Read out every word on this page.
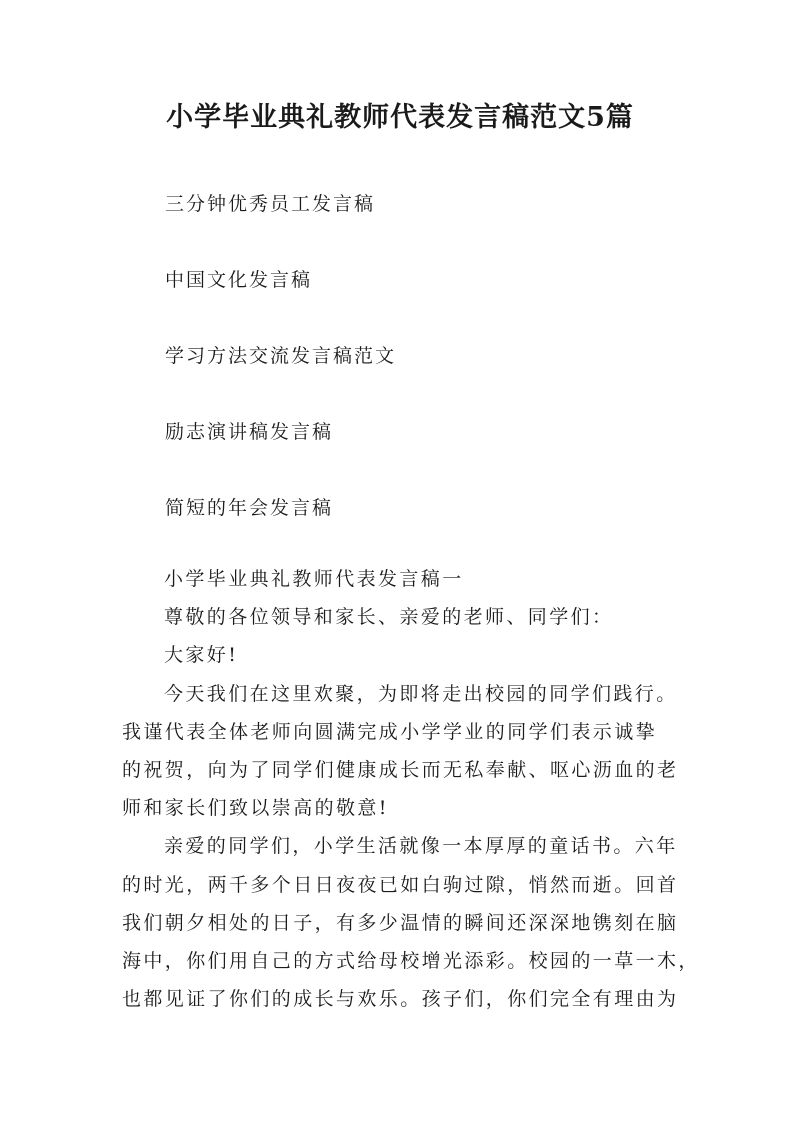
小学毕业典礼教师代表发言稿范文5篇
三分钟优秀员工发言稿
中国文化发言稿
学习方法交流发言稿范文
励志演讲稿发言稿
简短的年会发言稿

小学毕业典礼教师代表发言稿一

尊敬的各位领导和家长、亲爱的老师、同学们：

大家好!

今天我们在这里欢聚，为即将走出校园的同学们践行。
我谨代表全体老师向圆满完成小学学业的同学们表示诚挚
的祝贺，向为了同学们健康成长而无私奉献、呕心沥血的老
师和家长们致以崇高的敬意!

亲爱的同学们，小学生活就像一本厚厚的童话书。六年
的时光，两千多个日日夜夜已如白驹过隙，悄然而逝。回首
我们朝夕相处的日子，有多少温情的瞬间还深深地镌刻在脑
海中，你们用自己的方式给母校增光添彩。校园的一草一木，
也都见证了你们的成长与欢乐。孩子们，你们完全有理由为
